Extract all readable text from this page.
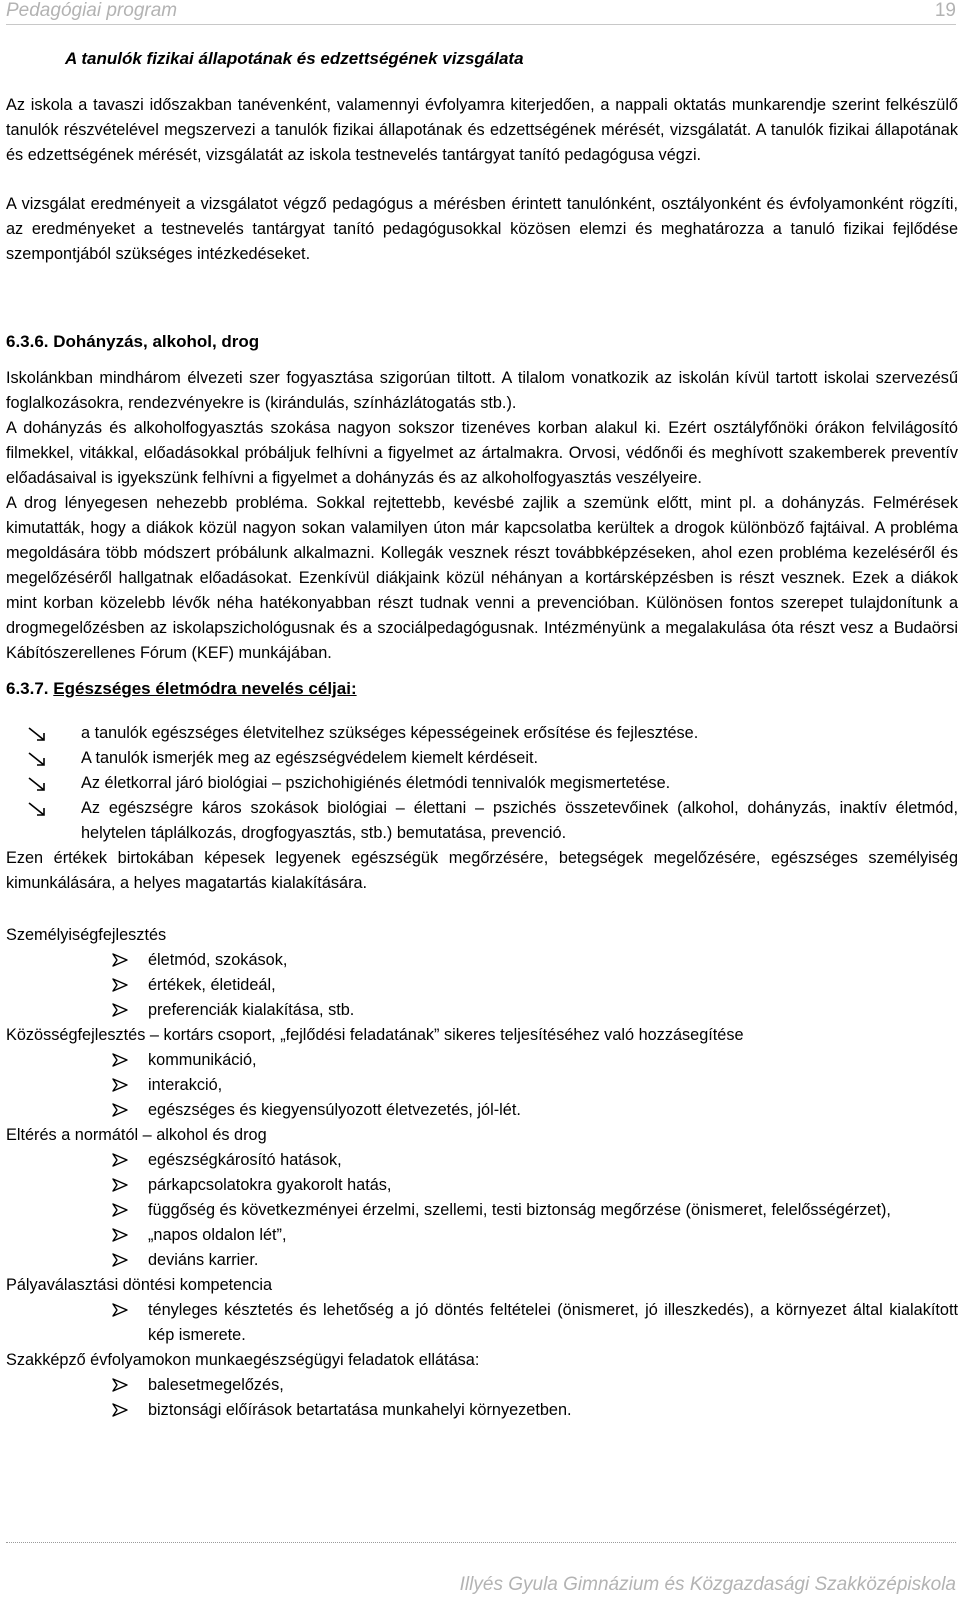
Pedagógiai program	19

A tanulók fizikai állapotának és edzettségének vizsgálata

Az iskola a tavaszi időszakban tanévenként, valamennyi évfolyamra kiterjedően, a nappali oktatás munkarendje szerint felkészülő tanulók részvételével megszervezi a tanulók fizikai állapotának és edzettségének mérését, vizsgálatát. A tanulók fizikai állapotának és edzettségének mérését, vizsgálatát az iskola testnevelés tantárgyat tanító pedagógusa végzi.

A vizsgálat eredményeit a vizsgálatot végző pedagógus a mérésben érintett tanulónként, osztályonként és évfolyamonként rögzíti, az eredményeket a testnevelés tantárgyat tanító pedagógusokkal közösen elemzi és meghatározza a tanuló fizikai fejlődése szempontjából szükséges intézkedéseket.

6.3.6. Dohányzás, alkohol, drog

Iskolánkban mindhárom élvezeti szer fogyasztása szigorúan tiltott. A tilalom vonatkozik az iskolán kívül tartott iskolai szervezésű foglalkozásokra, rendezvényekre is (kirándulás, színházlátogatás stb.).

A dohányzás és alkoholfogyasztás szokása nagyon sokszor tizenéves korban alakul ki. Ezért osztályfőnöki órákon felvilágosító filmekkel, vitákkal, előadásokkal próbáljuk felhívni a figyelmet az ártalmakra. Orvosi, védőnői és meghívott szakemberek preventív előadásaival is igyekszünk felhívni a figyelmet a dohányzás és az alkoholfogyasztás veszélyeire.

A drog lényegesen nehezebb probléma. Sokkal rejtettebb, kevésbé zajlik a szemünk előtt, mint pl. a dohányzás. Felmérések kimutatták, hogy a diákok közül nagyon sokan valamilyen úton már kapcsolatba kerültek a drogok különböző fajtáival. A probléma megoldására több módszert próbálunk alkalmazni. Kollegák vesznek részt továbbképzéseken, ahol ezen probléma kezeléséről és megelőzéséről hallgatnak előadásokat. Ezenkívül diákjaink közül néhányan a kortársképzésben is részt vesznek. Ezek a diákok mint korban közelebb lévők néha hatékonyabban részt tudnak venni a prevencióban. Különösen fontos szerepet tulajdonítunk a drogmegelőzésben az iskolapszichológusnak és a szociálpedagógusnak. Intézményünk a megalakulása óta részt vesz a Budaörsi Kábítószerellenes Fórum (KEF) munkájában.

6.3.7. Egészséges életmódra nevelés céljai:

a tanulók egészséges életvitelhez szükséges képességeinek erősítése és fejlesztése.
A tanulók ismerjék meg az egészségvédelem kiemelt kérdéseit.
Az életkorral járó biológiai – pszichohigiénés életmódi tennivalók megismertetése.
Az egészségre káros szokások biológiai – élettani – pszichés összetevőinek (alkohol, dohányzás, inaktív életmód, helytelen táplálkozás, drogfogyasztás, stb.) bemutatása, prevenció.

Ezen értékek birtokában képesek legyenek egészségük megőrzésére, betegségek megelőzésére, egészséges személyiség kimunkálására, a helyes magatartás kialakítására.

Személyiségfejlesztés

életmód, szokások,
értékek, életideál,
preferenciák kialakítása, stb.

Közösségfejlesztés – kortárs csoport, „fejlődési feladatának” sikeres teljesítéséhez való hozzásegítése

kommunikáció,
interakció,
egészséges és kiegyensúlyozott életvezetés, jól-lét.

Eltérés a normától – alkohol és drog

egészségkárosító hatások,
párkapcsolatokra gyakorolt hatás,
függőség és következményei érzelmi, szellemi, testi biztonság megőrzése (önismeret, felelősségérzet),
„napos oldalon lét”,
deviáns karrier.

Pályaválasztási döntési kompetencia

tényleges késztetés és lehetőség a jó döntés feltételei (önismeret, jó illeszkedés), a környezet által kialakított kép ismerete.

Szakképző évfolyamokon munkaegészségügyi feladatok ellátása:

balesetmegelőzés,
biztonsági előírások betartatása munkahelyi környezetben.
Illyés Gyula Gimnázium és Közgazdasági Szakközépiskola
